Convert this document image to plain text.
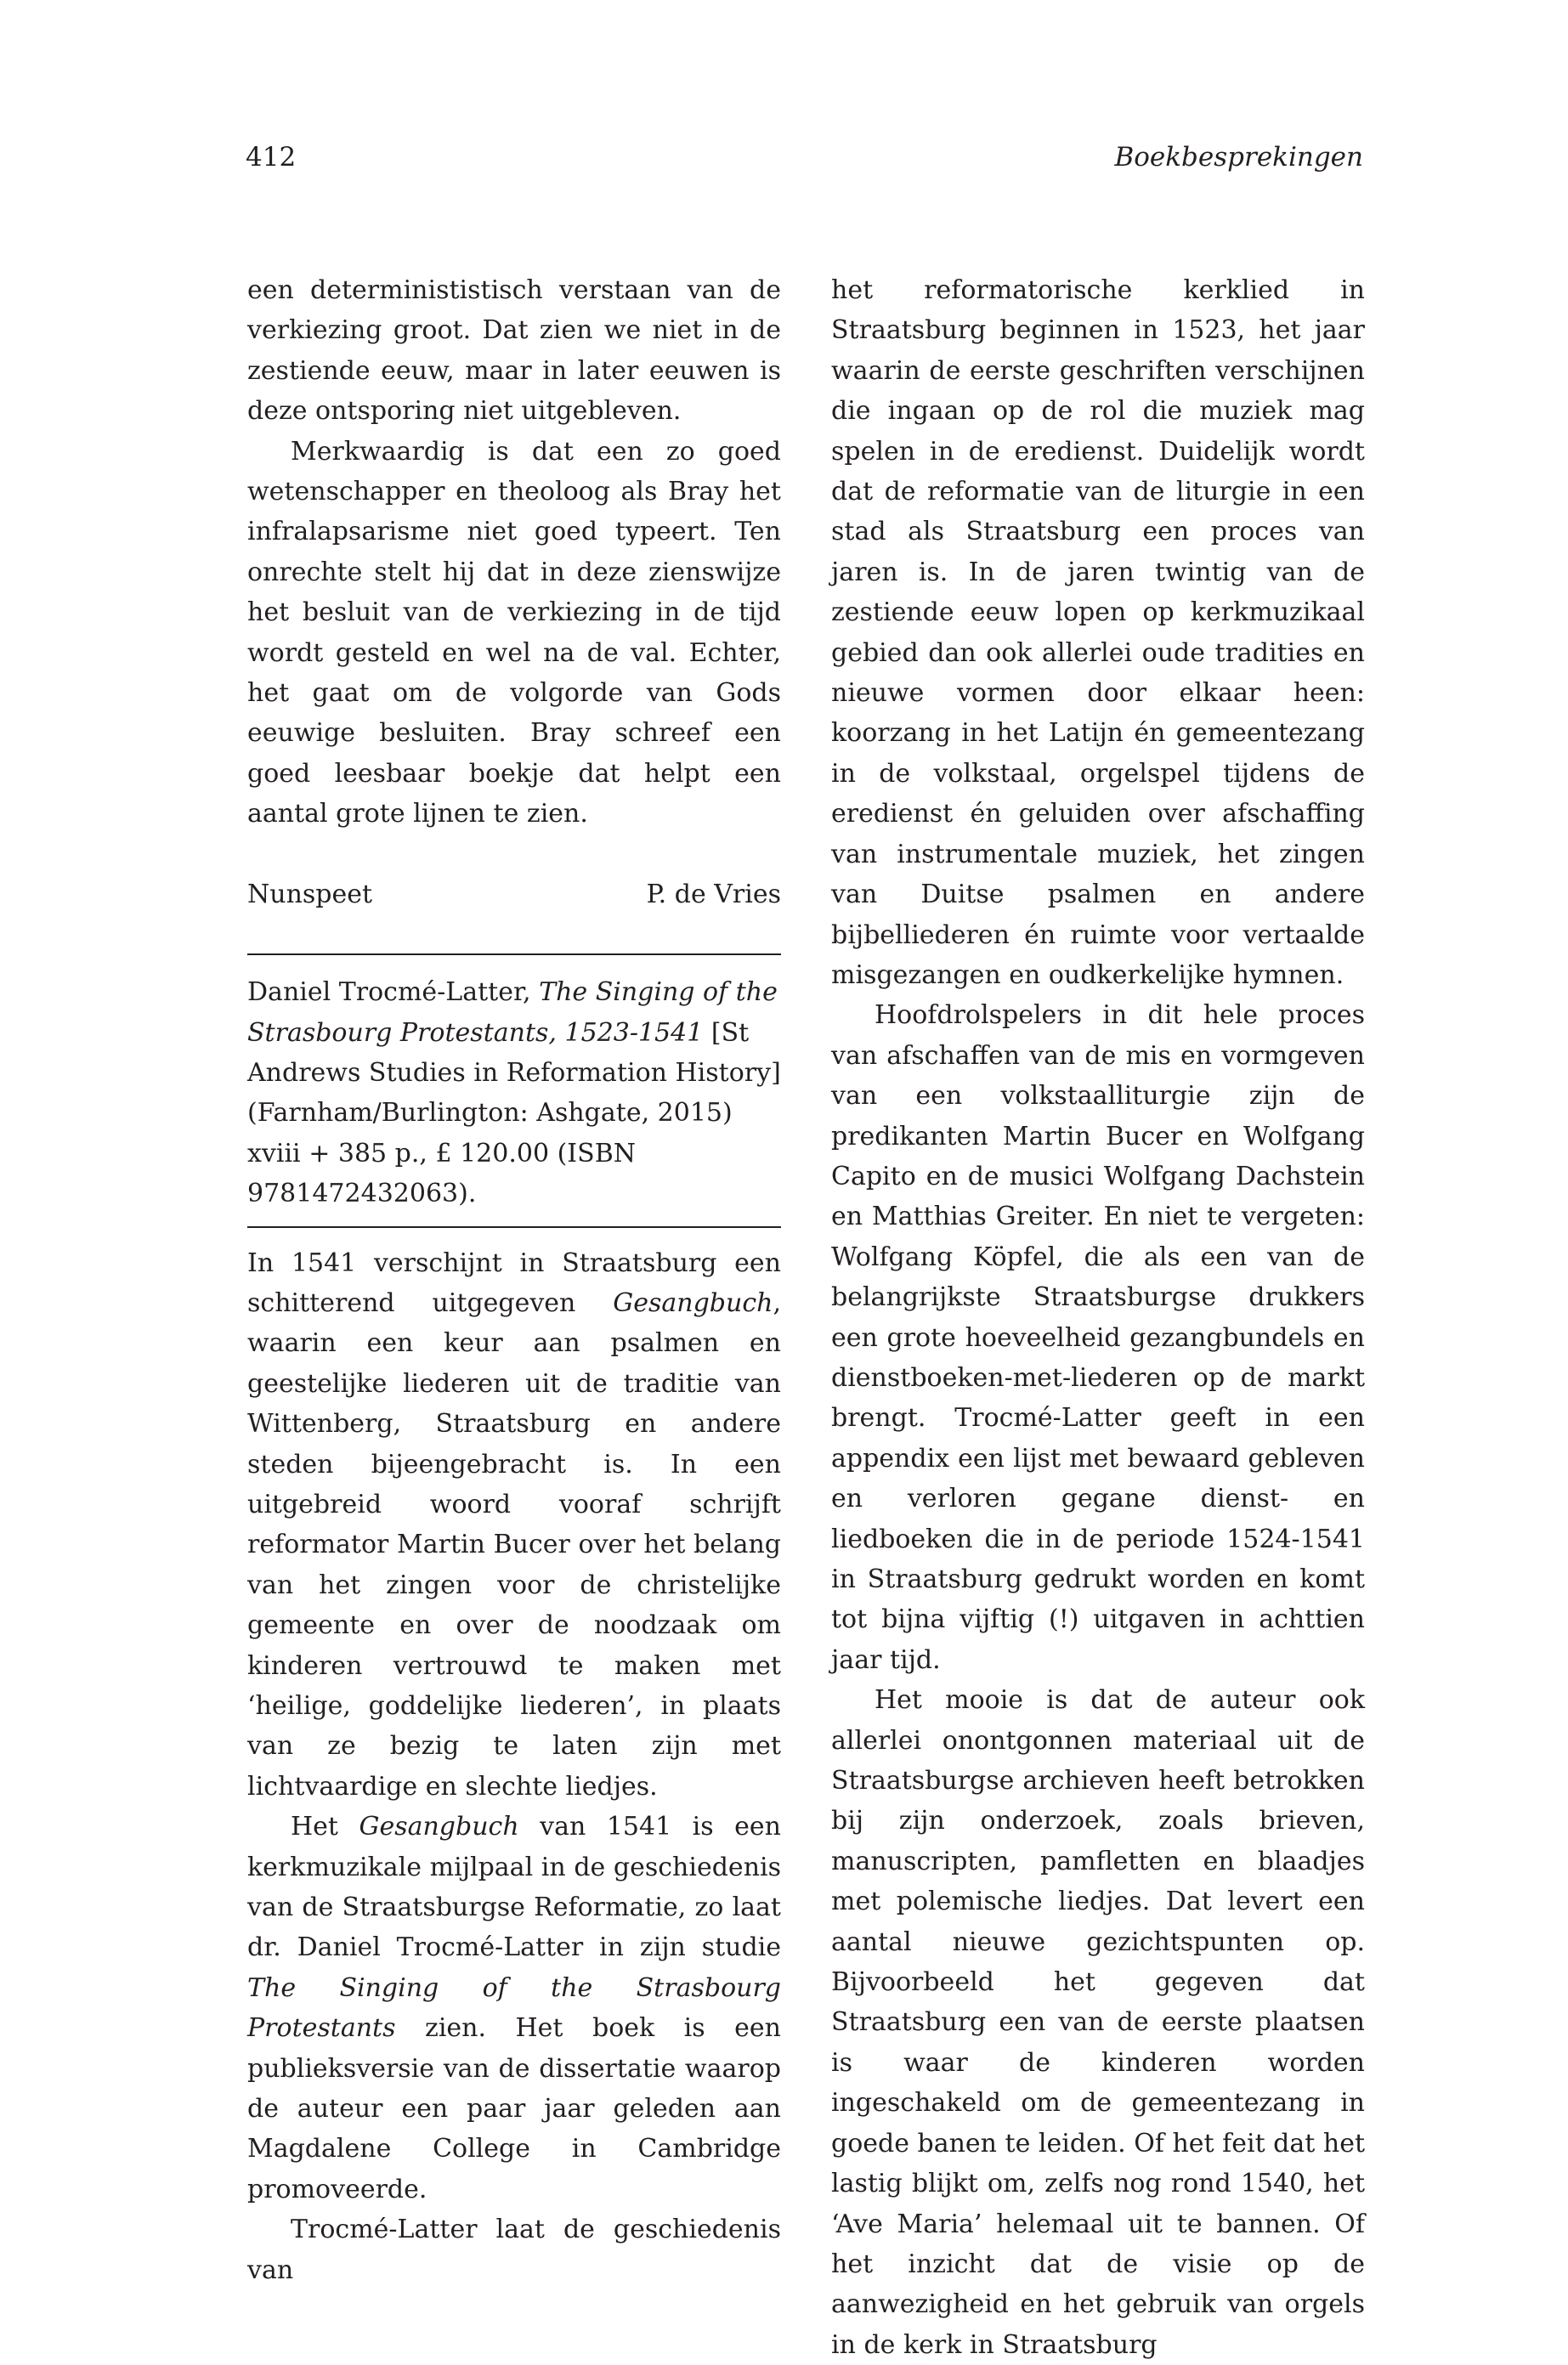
412	Boekbesprekingen

een determinististisch verstaan van de verkiezing groot. Dat zien we niet in de zestiende eeuw, maar in later eeuwen is deze ontsporing niet uitgebleven.

Merkwaardig is dat een zo goed wetenschapper en theoloog als Bray het infralapsarisme niet goed typeert. Ten onrechte stelt hij dat in deze zienswijze het besluit van de verkiezing in de tijd wordt gesteld en wel na de val. Echter, het gaat om de volgorde van Gods eeuwige besluiten. Bray schreef een goed leesbaar boekje dat helpt een aantal grote lijnen te zien.

Nunspeet	P. de Vries

Daniel Trocmé-Latter, The Singing of the Strasbourg Protestants, 1523-1541 [St Andrews Studies in Reformation History] (Farnham/Burlington: Ashgate, 2015) xviii + 385 p., £ 120.00 (ISBN 9781472432063).

In 1541 verschijnt in Straatsburg een schitterend uitgegeven Gesangbuch, waarin een keur aan psalmen en geestelijke liederen uit de traditie van Wittenberg, Straatsburg en andere steden bijeengebracht is. In een uitgebreid woord vooraf schrijft reformator Martin Bucer over het belang van het zingen voor de christelijke gemeente en over de noodzaak om kinderen vertrouwd te maken met ‘heilige, goddelijke liederen’, in plaats van ze bezig te laten zijn met lichtvaardige en slechte liedjes.

Het Gesangbuch van 1541 is een kerkmuzikale mijlpaal in de geschiedenis van de Straatsburgse Reformatie, zo laat dr. Daniel Trocmé-Latter in zijn studie The Singing of the Strasbourg Protestants zien. Het boek is een publieksversie van de dissertatie waarop de auteur een paar jaar geleden aan Magdalene College in Cambridge promoveerde.

Trocmé-Latter laat de geschiedenis van

het reformatorische kerklied in Straatsburg beginnen in 1523, het jaar waarin de eerste geschriften verschijnen die ingaan op de rol die muziek mag spelen in de eredienst. Duidelijk wordt dat de reformatie van de liturgie in een stad als Straatsburg een proces van jaren is. In de jaren twintig van de zestiende eeuw lopen op kerkmuzikaal gebied dan ook allerlei oude tradities en nieuwe vormen door elkaar heen: koorzang in het Latijn én gemeentezang in de volkstaal, orgelspel tijdens de eredienst én geluiden over afschaffing van instrumentale muziek, het zingen van Duitse psalmen en andere bijbelliederen én ruimte voor vertaalde misgezangen en oudkerkelijke hymnen.

Hoofdrolspelers in dit hele proces van afschaffen van de mis en vormgeven van een volkstaalliturgie zijn de predikanten Martin Bucer en Wolfgang Capito en de musici Wolfgang Dachstein en Matthias Greiter. En niet te vergeten: Wolfgang Köpfel, die als een van de belangrijkste Straatsburgse drukkers een grote hoeveelheid gezangbundels en dienstboeken-met-liederen op de markt brengt. Trocmé-Latter geeft in een appendix een lijst met bewaard gebleven en verloren gegane dienst- en liedboeken die in de periode 1524-1541 in Straatsburg gedrukt worden en komt tot bijna vijftig (!) uitgaven in achttien jaar tijd.

Het mooie is dat de auteur ook allerlei onontgonnen materiaal uit de Straatsburgse archieven heeft betrokken bij zijn onderzoek, zoals brieven, manuscripten, pamfletten en blaadjes met polemische liedjes. Dat levert een aantal nieuwe gezichtspunten op. Bijvoorbeeld het gegeven dat Straatsburg een van de eerste plaatsen is waar de kinderen worden ingeschakeld om de gemeentezang in goede banen te leiden. Of het feit dat het lastig blijkt om, zelfs nog rond 1540, het ‘Ave Maria’ helemaal uit te bannen. Of het inzicht dat de visie op de aanwezigheid en het gebruik van orgels in de kerk in Straatsburg
